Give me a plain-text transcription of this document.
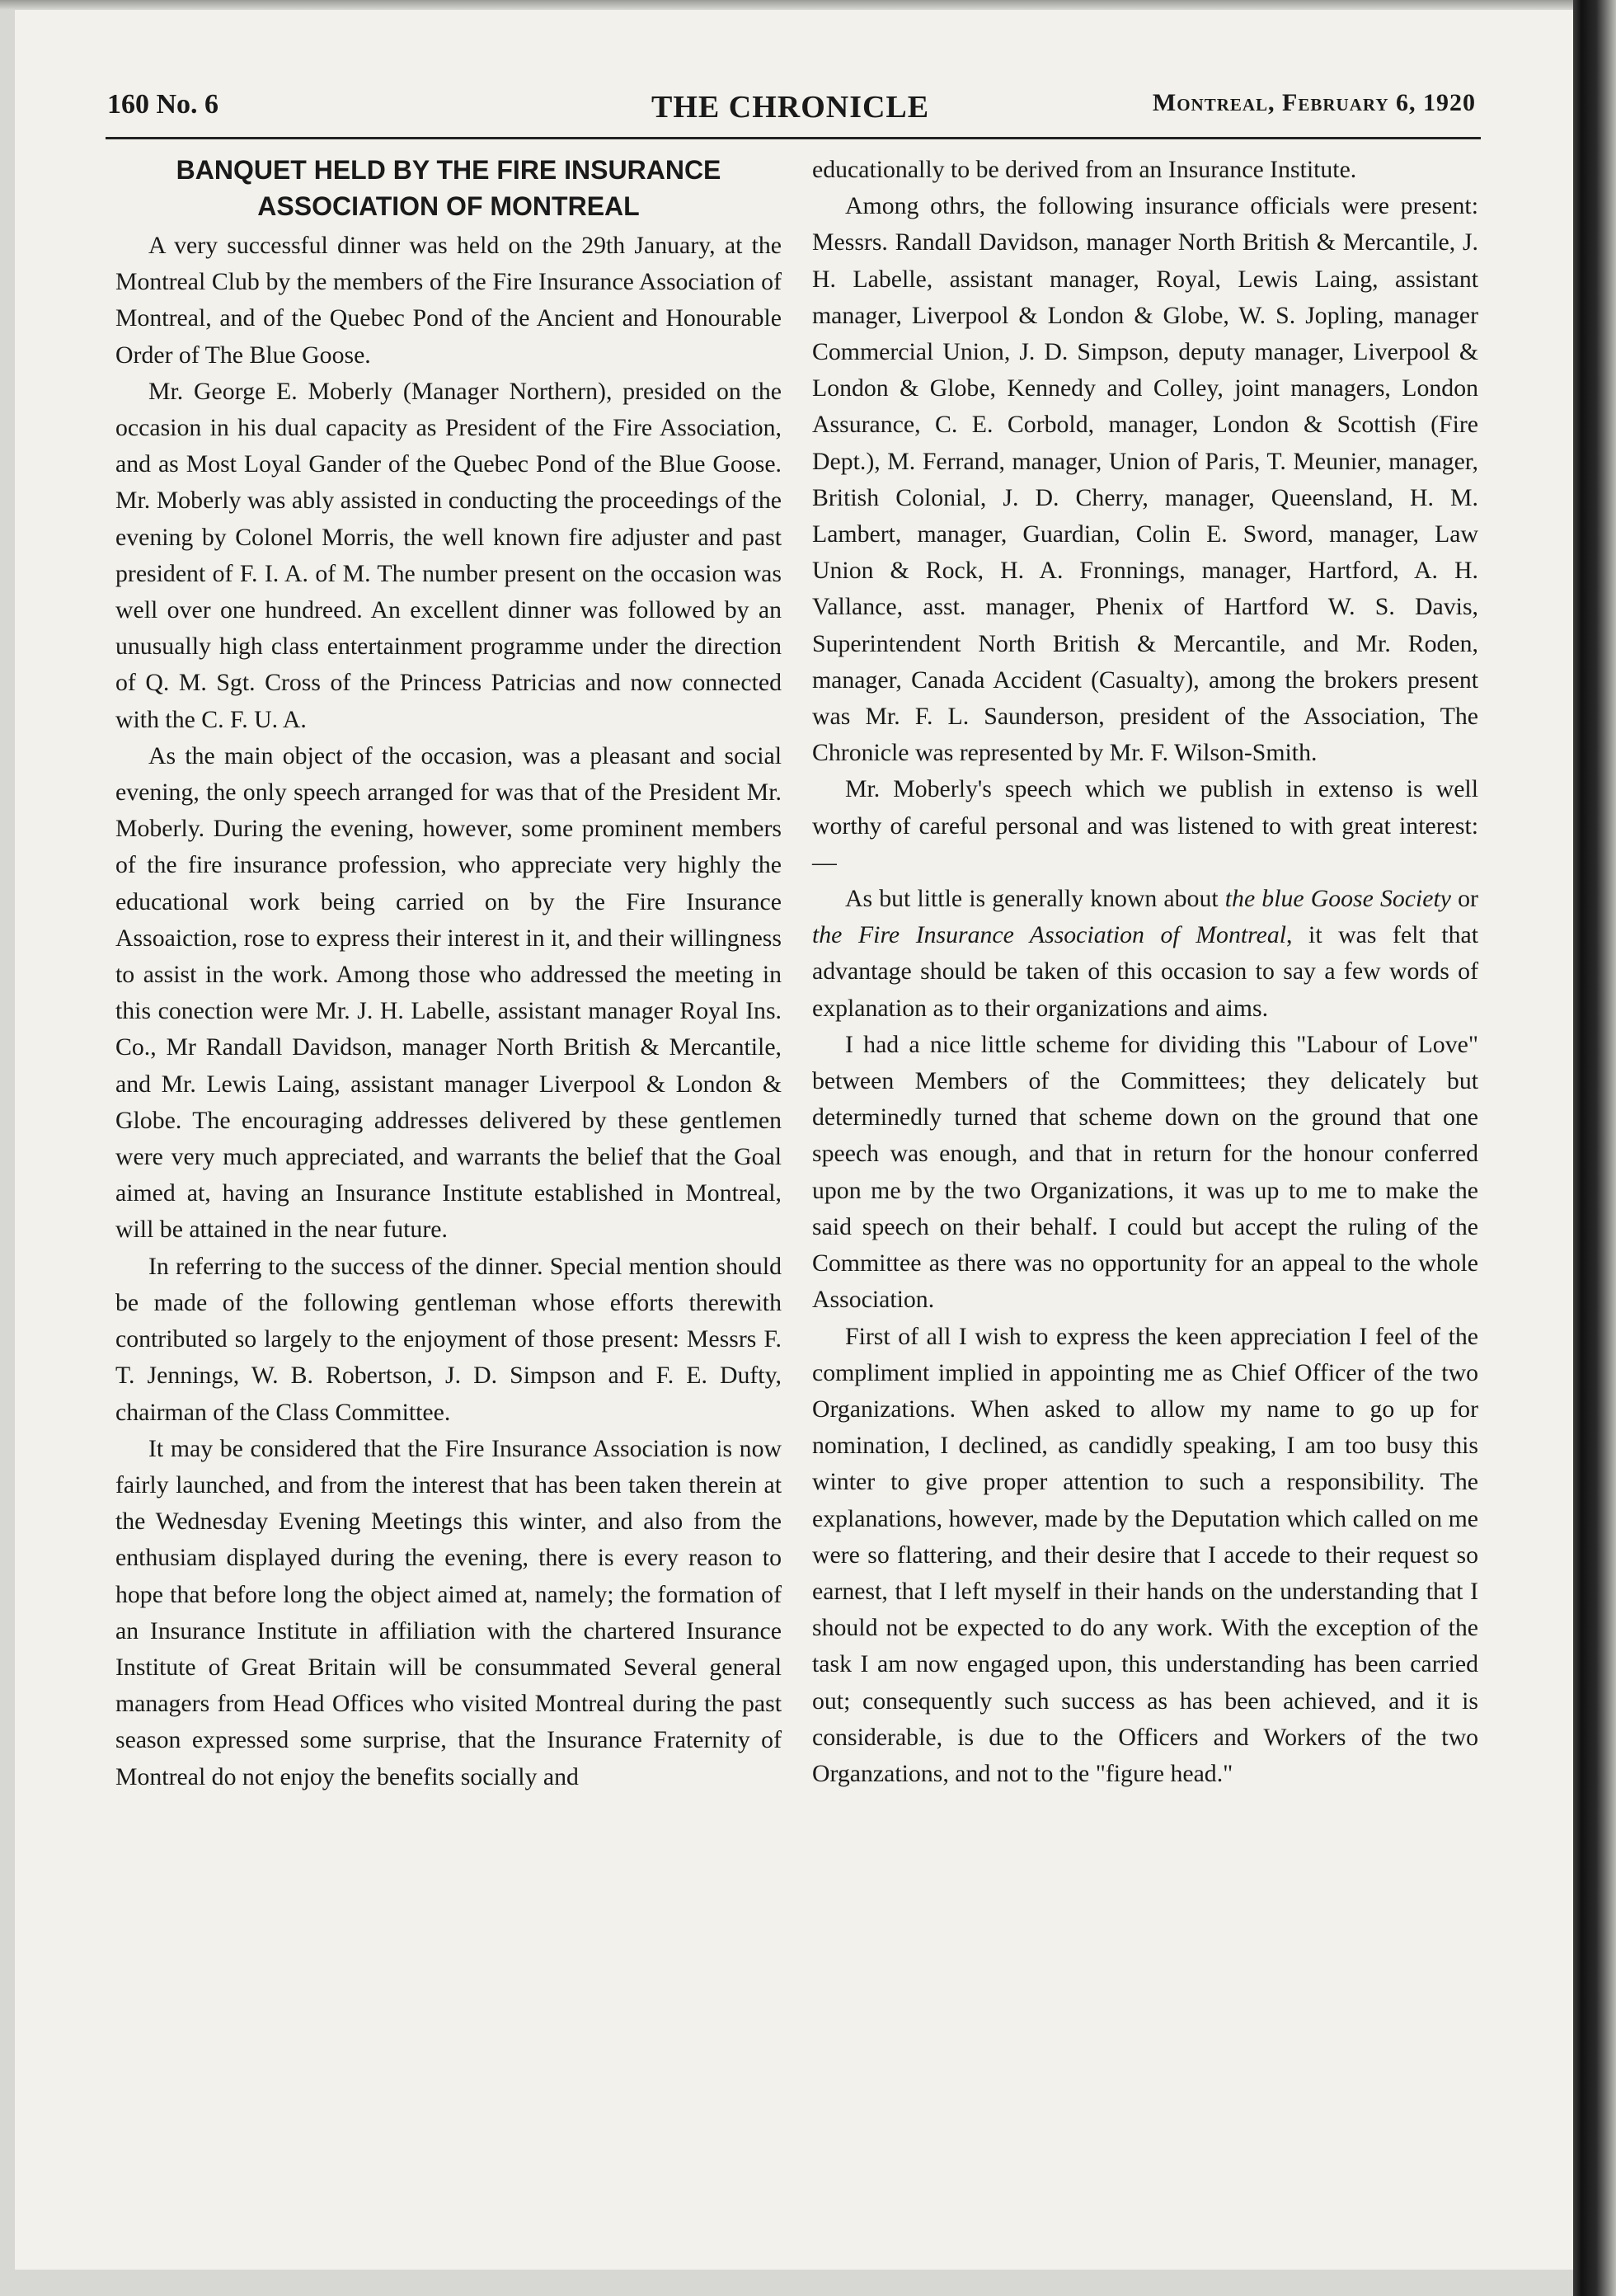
160 No. 6	THE CHRONICLE	Montreal, February 6, 1920
BANQUET HELD BY THE FIRE INSURANCE
ASSOCIATION OF MONTREAL

A very successful dinner was held on the 29th January, at the Montreal Club by the members of the Fire Insurance Association of Montreal, and of the Quebec Pond of the Ancient and Honourable Order of The Blue Goose.

Mr. George E. Moberly (Manager Northern), presided on the occasion in his dual capacity as President of the Fire Association, and as Most Loyal Gander of the Quebec Pond of the Blue Goose. Mr. Moberly was ably assisted in conducting the proceedings of the evening by Colonel Morris, the well known fire adjuster and past president of F. I. A. of M. The number present on the occasion was well over one hundreed. An excellent dinner was followed by an unusually high class entertainment programme under the direction of Q. M. Sgt. Cross of the Princess Patricias and now connected with the C. F. U. A.

As the main object of the occasion, was a pleasant and social evening, the only speech arranged for was that of the President Mr. Moberly. During the evening, however, some prominent members of the fire insurance profession, who appreciate very highly the educational work being carried on by the Fire Insurance Assoaiction, rose to express their interest in it, and their willingness to assist in the work. Among those who addressed the meeting in this conection were Mr. J. H. Labelle, assistant manager Royal Ins. Co., Mr Randall Davidson, manager North British & Mercantile, and Mr. Lewis Laing, assistant manager Liverpool & London & Globe. The encouraging addresses delivered by these gentlemen were very much appreciated, and warrants the belief that the Goal aimed at, having an Insurance Institute established in Montreal, will be attained in the near future.

In referring to the success of the dinner. Special mention should be made of the following gentleman whose efforts therewith contributed so largely to the enjoyment of those present: Messrs F. T. Jennings, W. B. Robertson, J. D. Simpson and F. E. Dufty, chairman of the Class Committee.

It may be considered that the Fire Insurance Association is now fairly launched, and from the interest that has been taken therein at the Wednesday Evening Meetings this winter, and also from the enthusiam displayed during the evening, there is every reason to hope that before long the object aimed at, namely; the formation of an Insurance Institute in affiliation with the chartered Insurance Institute of Great Britain will be consummated Several general managers from Head Offices who visited Montreal during the past season expressed some surprise, that the Insurance Fraternity of Montreal do not enjoy the benefits socially and

educationally to be derived from an Insurance Institute.

Among othrs, the following insurance officials were present: Messrs. Randall Davidson, manager North British & Mercantile, J. H. Labelle, assistant manager, Royal, Lewis Laing, assistant manager, Liverpool & London & Globe, W. S. Jopling, manager Commercial Union, J. D. Simpson, deputy manager, Liverpool & London & Globe, Kennedy and Colley, joint managers, London Assurance, C. E. Corbold, manager, London & Scottish (Fire Dept.), M. Ferrand, manager, Union of Paris, T. Meunier, manager, British Colonial, J. D. Cherry, manager, Queensland, H. M. Lambert, manager, Guardian, Colin E. Sword, manager, Law Union & Rock, H. A. Fronnings, manager, Hartford, A. H. Vallance, asst. manager, Phenix of Hartford W. S. Davis, Superintendent North British & Mercantile, and Mr. Roden, manager, Canada Accident (Casualty), among the brokers present was Mr. F. L. Saunderson, president of the Association, The Chronicle was represented by Mr. F. Wilson-Smith.

Mr. Moberly's speech which we publish in extenso is well worthy of careful personal and was listened to with great interest:—

As but little is generally known about the blue Goose Society or the Fire Insurance Association of Montreal, it was felt that advantage should be taken of this occasion to say a few words of explanation as to their organizations and aims.

I had a nice little scheme for dividing this "Labour of Love" between Members of the Committees; they delicately but determinedly turned that scheme down on the ground that one speech was enough, and that in return for the honour conferred upon me by the two Organizations, it was up to me to make the said speech on their behalf. I could but accept the ruling of the Committee as there was no opportunity for an appeal to the whole Association.

First of all I wish to express the keen appreciation I feel of the compliment implied in appointing me as Chief Officer of the two Organizations. When asked to allow my name to go up for nomination, I declined, as candidly speaking, I am too busy this winter to give proper attention to such a responsibility. The explanations, however, made by the Deputation which called on me were so flattering, and their desire that I accede to their request so earnest, that I left myself in their hands on the understanding that I should not be expected to do any work. With the exception of the task I am now engaged upon, this understanding has been carried out; consequently such success as has been achieved, and it is considerable, is due to the Officers and Workers of the two Organzations, and not to the "figure head."
